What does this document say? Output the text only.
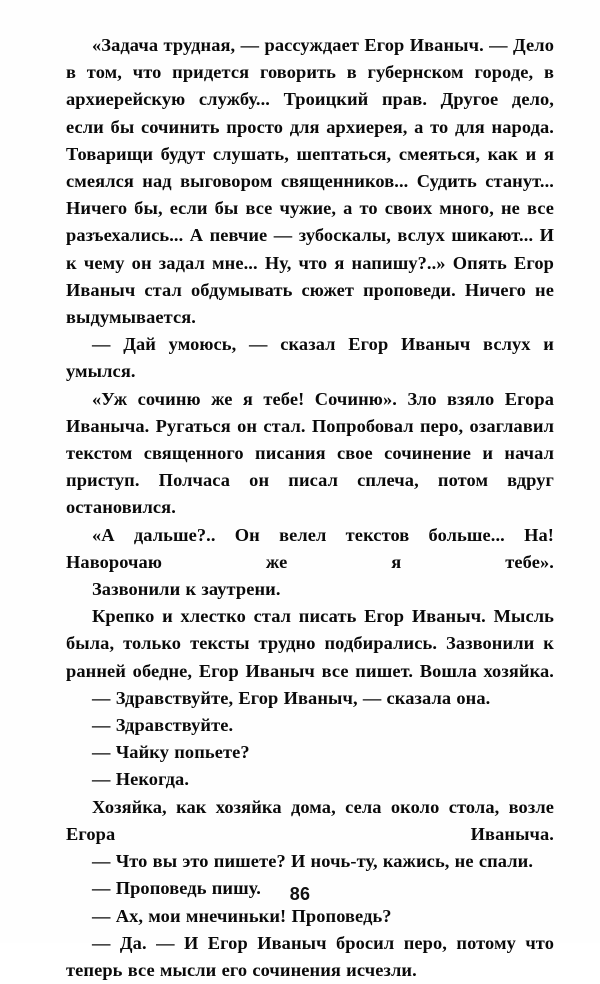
«Задача трудная, — рассуждает Егор Иваныч. — Дело в том, что придется говорить в губернском городе, в архиерейскую службу... Троицкий прав. Другое дело, если бы сочинить просто для архиерея, а то для народа. Товарищи будут слушать, шептаться, смеяться, как и я смеялся над выговором священников... Судить станут... Ничего бы, если бы все чужие, а то своих много, не все разъехались... А певчие — зубоскалы, вслух шикают... И к чему он задал мне... Ну, что я напишу?..» Опять Егор Иваныч стал обдумывать сюжет проповеди. Ничего не выдумывается.

— Дай умоюсь, — сказал Егор Иваныч вслух и умылся.

«Уж сочиню же я тебе! Сочиню». Зло взяло Егора Иваныча. Ругаться он стал. Попробовал перо, озаглавил текстом священного писания свое сочинение и начал приступ. Полчаса он писал сплеча, потом вдруг остановился.

«А дальше?.. Он велел текстов больше... На! Наворочаю же я тебе».

Зазвонили к заутрени.

Крепко и хлестко стал писать Егор Иваныч. Мысль была, только тексты трудно подбирались. Зазвонили к ранней обедне, Егор Иваныч все пишет. Вошла хозяйка.

— Здравствуйте, Егор Иваныч, — сказала она.

— Здравствуйте.

— Чайку попьете?

— Некогда.

Хозяйка, как хозяйка дома, села около стола, возле Егора Иваныча.

— Что вы это пишете? И ночь-ту, кажись, не спали.

— Проповедь пишу.

— Ах, мои мнечиньки! Проповедь?

— Да. — И Егор Иваныч бросил перо, потому что теперь все мысли его сочинения исчезли.

86
